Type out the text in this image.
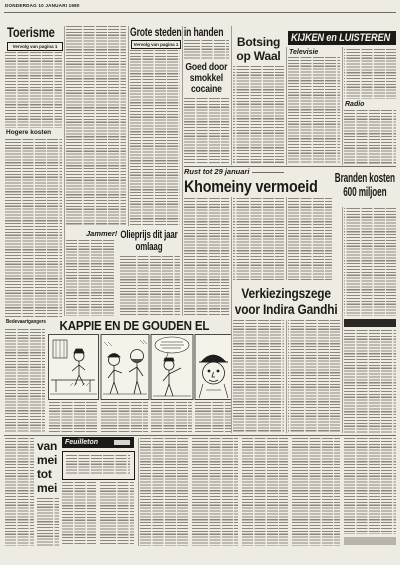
DONDERDAG 10 JANUARI 1980
Toerisme
Vervolg van pagina 1
Hogere kosten
Bedevaartgangers
Jammer! Olieprijs dit jaar
omlaag
Grote steden in handen
Vervolg van pagina 1
Goed door
smokkel
cocaine
Botsing
op Waal
KIJKEN en LUISTEREN
Televisie
Radio
Rust tot 29 januari
Khomeiny vermoeid Branden kosten
600 miljoen
Verkiezingszege
voor Indira Gandhi
KAPPIE EN DE GOUDEN EL
van
mei
tot
mei
Feuilleton
